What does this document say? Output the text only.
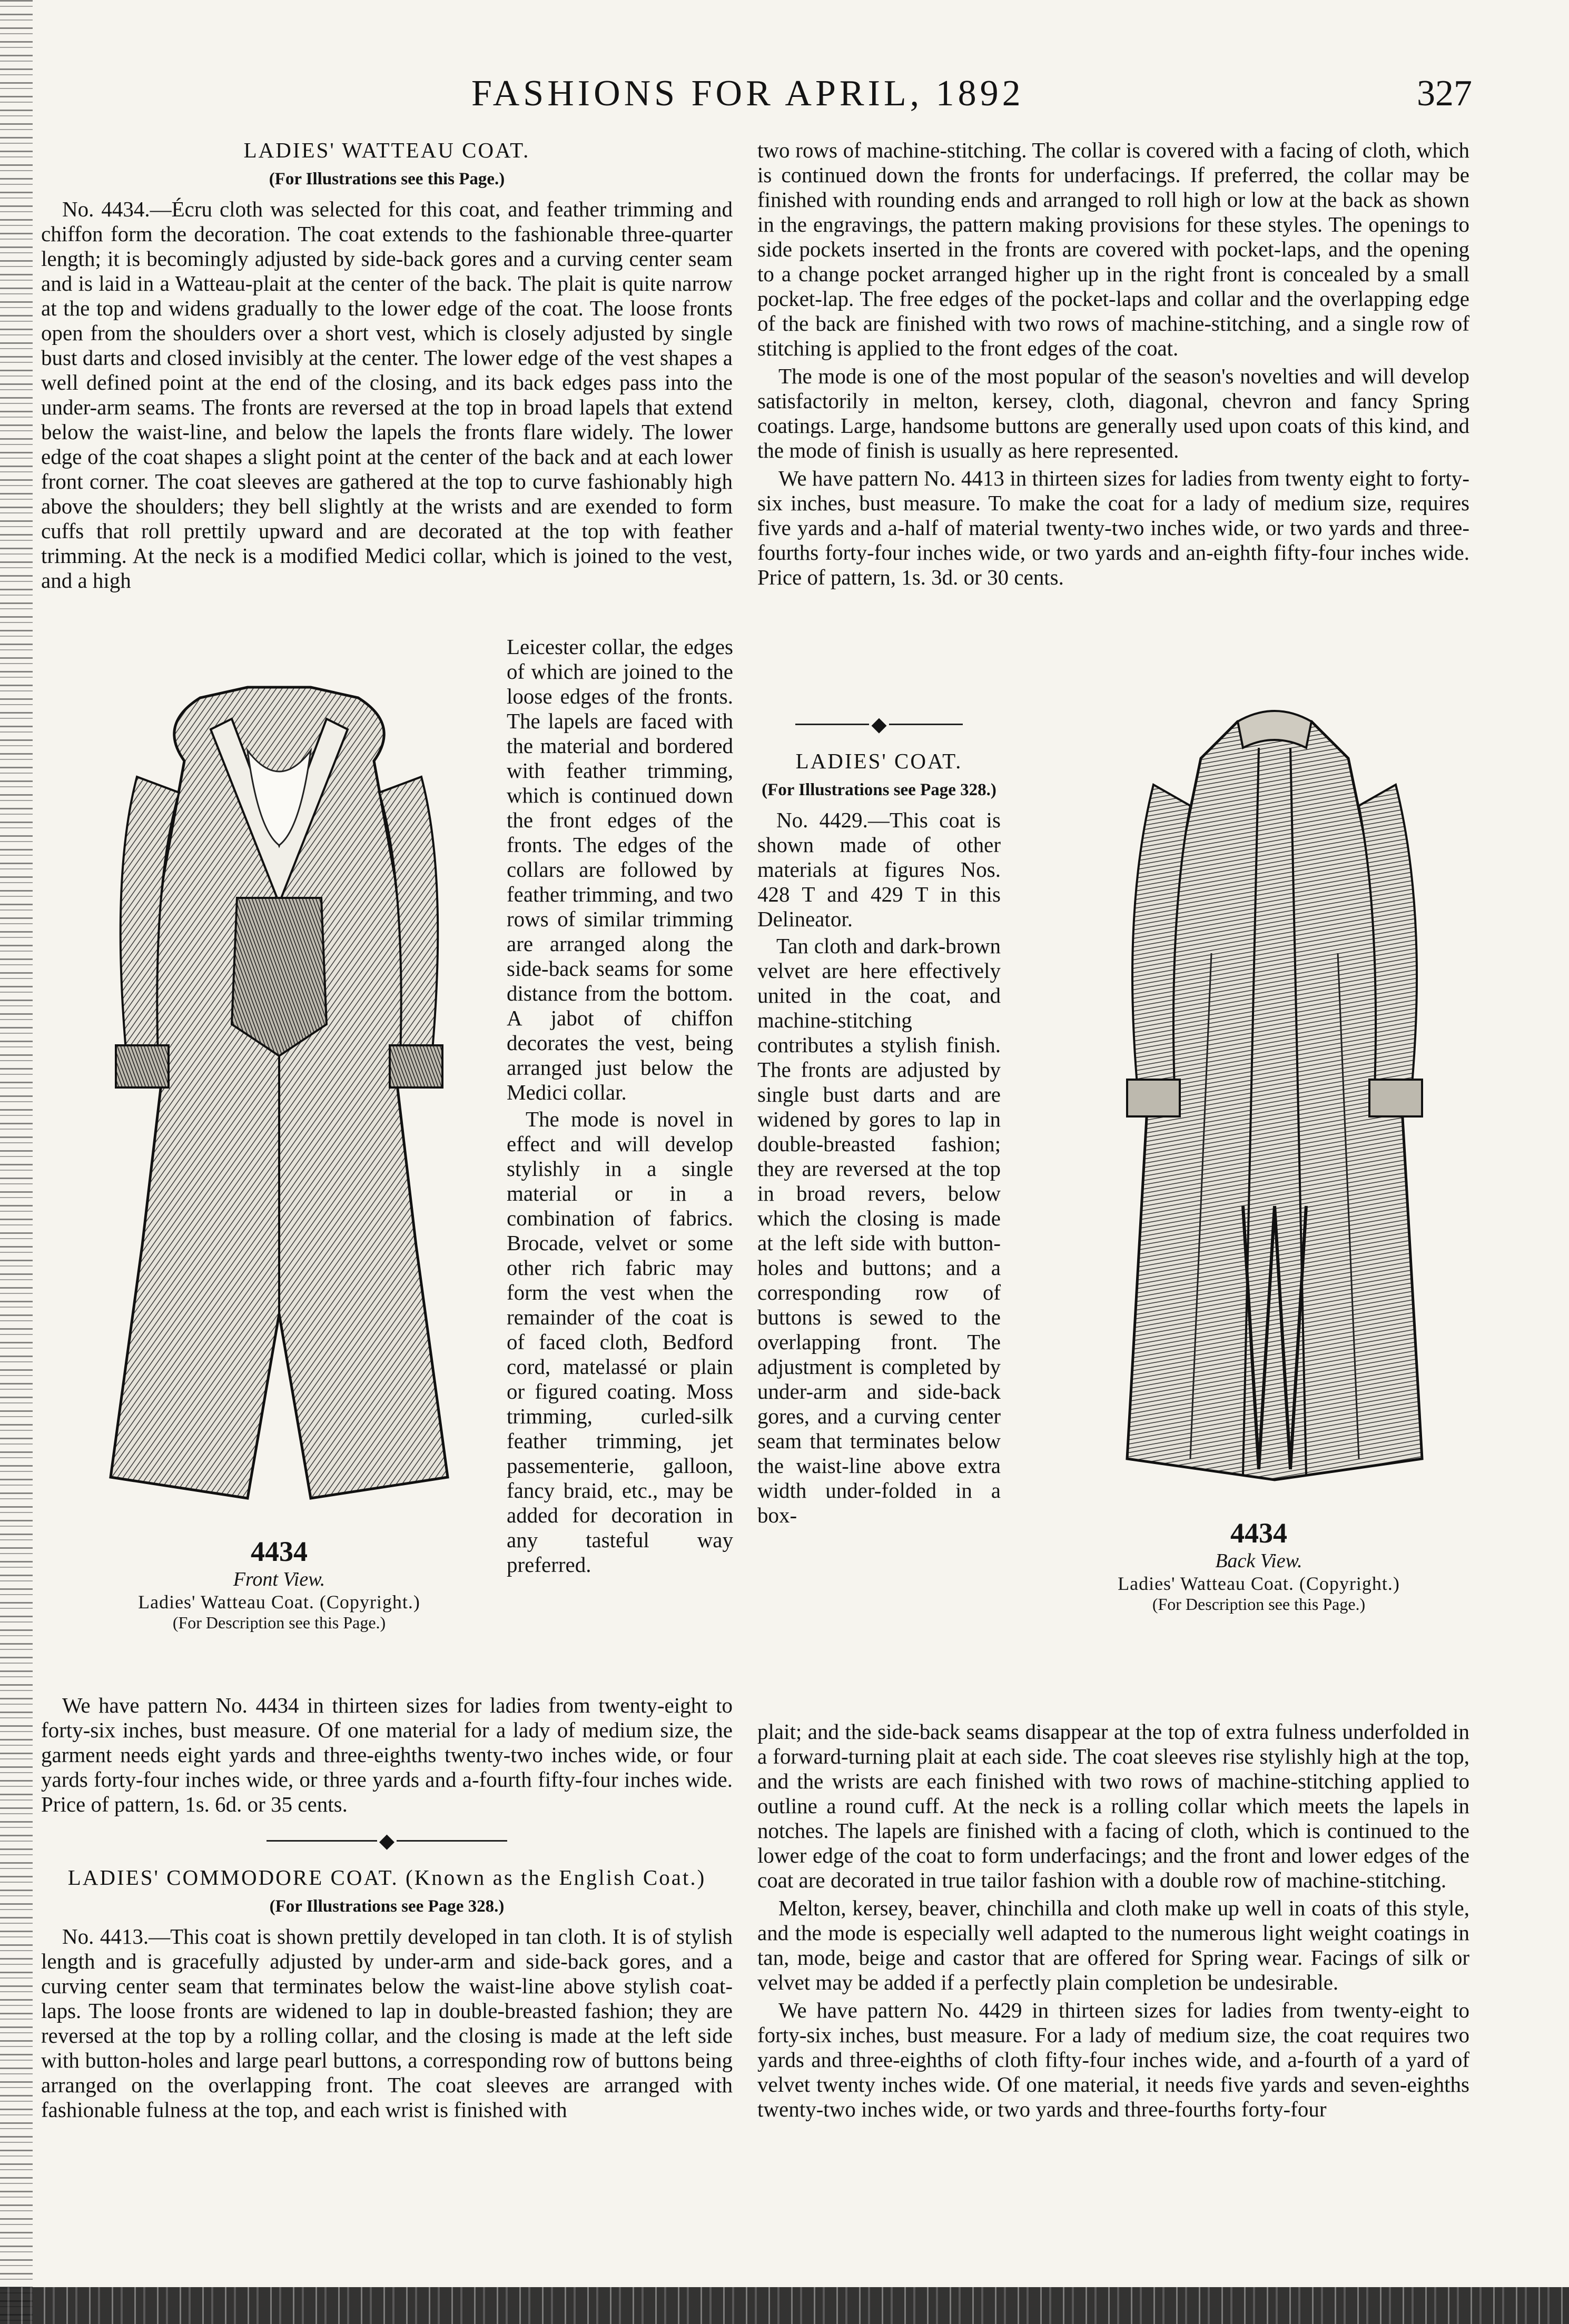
FASHIONS FOR APRIL, 1892	327
LADIES' WATTEAU COAT.
(For Illustrations see this Page.)

No. 4434.—Écru cloth was selected for this coat, and feather trimming and chiffon form the decoration. The coat extends to the fashionable three-quarter length; it is becomingly adjusted by side-back gores and a curving center seam and is laid in a Watteau-plait at the center of the back. The plait is quite narrow at the top and widens gradually to the lower edge of the coat. The loose fronts open from the shoulders over a short vest, which is closely adjusted by single bust darts and closed invisibly at the center. The lower edge of the vest shapes a well defined point at the end of the closing, and its back edges pass into the under-arm seams. The fronts are reversed at the top in broad lapels that extend below the waist-line, and below the lapels the fronts flare widely. The lower edge of the coat shapes a slight point at the center of the back and at each lower front corner. The coat sleeves are gathered at the top to curve fashionably high above the shoulders; they bell slightly at the wrists and are exended to form cuffs that roll prettily upward and are decorated at the top with feather trimming. At the neck is a modified Medici collar, which is joined to the vest, and a high

4434
Front View.
Ladies' Watteau Coat. (Copyright.)
(For Description see this Page.)

Leicester collar, the edges of which are joined to the loose edges of the fronts. The lapels are faced with the material and bordered with feather trimming, which is continued down the front edges of the fronts. The edges of the collars are followed by feather trimming, and two rows of similar trimming are arranged along the side-back seams for some distance from the bottom. A jabot of chiffon decorates the vest, being arranged just below the Medici collar.

The mode is novel in effect and will develop stylishly in a single material or in a combination of fabrics. Brocade, velvet or some other rich fabric may form the vest when the remainder of the coat is of faced cloth, Bedford cord, matelassé or plain or figured coating. Moss trimming, curled-silk feather trimming, jet passementerie, galloon, fancy braid, etc., may be added for decoration in any tasteful way preferred.

We have pattern No. 4434 in thirteen sizes for ladies from twenty-eight to forty-six inches, bust measure. Of one material for a lady of medium size, the garment needs eight yards and three-eighths twenty-two inches wide, or four yards forty-four inches wide, or three yards and a-fourth fifty-four inches wide. Price of pattern, 1s. 6d. or 35 cents.

◆
LADIES' COMMODORE COAT. (Known as the English Coat.)
(For Illustrations see Page 328.)

No. 4413.—This coat is shown prettily developed in tan cloth. It is of stylish length and is gracefully adjusted by under-arm and side-back gores, and a curving center seam that terminates below the waist-line above stylish coat-laps. The loose fronts are widened to lap in double-breasted fashion; they are reversed at the top by a rolling collar, and the closing is made at the left side with button-holes and large pearl buttons, a corresponding row of buttons being arranged on the overlapping front. The coat sleeves are arranged with fashionable fulness at the top, and each wrist is finished with

two rows of machine-stitching. The collar is covered with a facing of cloth, which is continued down the fronts for underfacings. If preferred, the collar may be finished with rounding ends and arranged to roll high or low at the back as shown in the engravings, the pattern making provisions for these styles. The openings to side pockets inserted in the fronts are covered with pocket-laps, and the opening to a change pocket arranged higher up in the right front is concealed by a small pocket-lap. The free edges of the pocket-laps and collar and the overlapping edge of the back are finished with two rows of machine-stitching, and a single row of stitching is applied to the front edges of the coat.

The mode is one of the most popular of the season's novelties and will develop satisfactorily in melton, kersey, cloth, diagonal, chevron and fancy Spring coatings. Large, handsome buttons are generally used upon coats of this kind, and the mode of finish is usually as here represented.

We have pattern No. 4413 in thirteen sizes for ladies from twenty eight to forty-six inches, bust measure. To make the coat for a lady of medium size, requires five yards and a-half of material twenty-two inches wide, or two yards and three-fourths forty-four inches wide, or two yards and an-eighth fifty-four inches wide. Price of pattern, 1s. 3d. or 30 cents.

◆
LADIES' COAT.
(For Illustrations see Page 328.)

No. 4429.—This coat is shown made of other materials at figures Nos. 428 T and 429 T in this Delineator.

Tan cloth and dark-brown velvet are here effectively united in the coat, and machine-stitching contributes a stylish finish. The fronts are adjusted by single bust darts and are widened by gores to lap in double-breasted fashion; they are reversed at the top in broad revers, below which the closing is made at the left side with button-holes and buttons; and a corresponding row of buttons is sewed to the overlapping front. The adjustment is completed by under-arm and side-back gores, and a curving center seam that terminates below the waist-line above extra width under-folded in a box-

4434
Back View.
Ladies' Watteau Coat. (Copyright.)
(For Description see this Page.)

plait; and the side-back seams disappear at the top of extra fulness underfolded in a forward-turning plait at each side. The coat sleeves rise stylishly high at the top, and the wrists are each finished with two rows of machine-stitching applied to outline a round cuff. At the neck is a rolling collar which meets the lapels in notches. The lapels are finished with a facing of cloth, which is continued to the lower edge of the coat to form underfacings; and the front and lower edges of the coat are decorated in true tailor fashion with a double row of machine-stitching.

Melton, kersey, beaver, chinchilla and cloth make up well in coats of this style, and the mode is especially well adapted to the numerous light weight coatings in tan, mode, beige and castor that are offered for Spring wear. Facings of silk or velvet may be added if a perfectly plain completion be undesirable.

We have pattern No. 4429 in thirteen sizes for ladies from twenty-eight to forty-six inches, bust measure. For a lady of medium size, the coat requires two yards and three-eighths of cloth fifty-four inches wide, and a-fourth of a yard of velvet twenty inches wide. Of one material, it needs five yards and seven-eighths twenty-two inches wide, or two yards and three-fourths forty-four
